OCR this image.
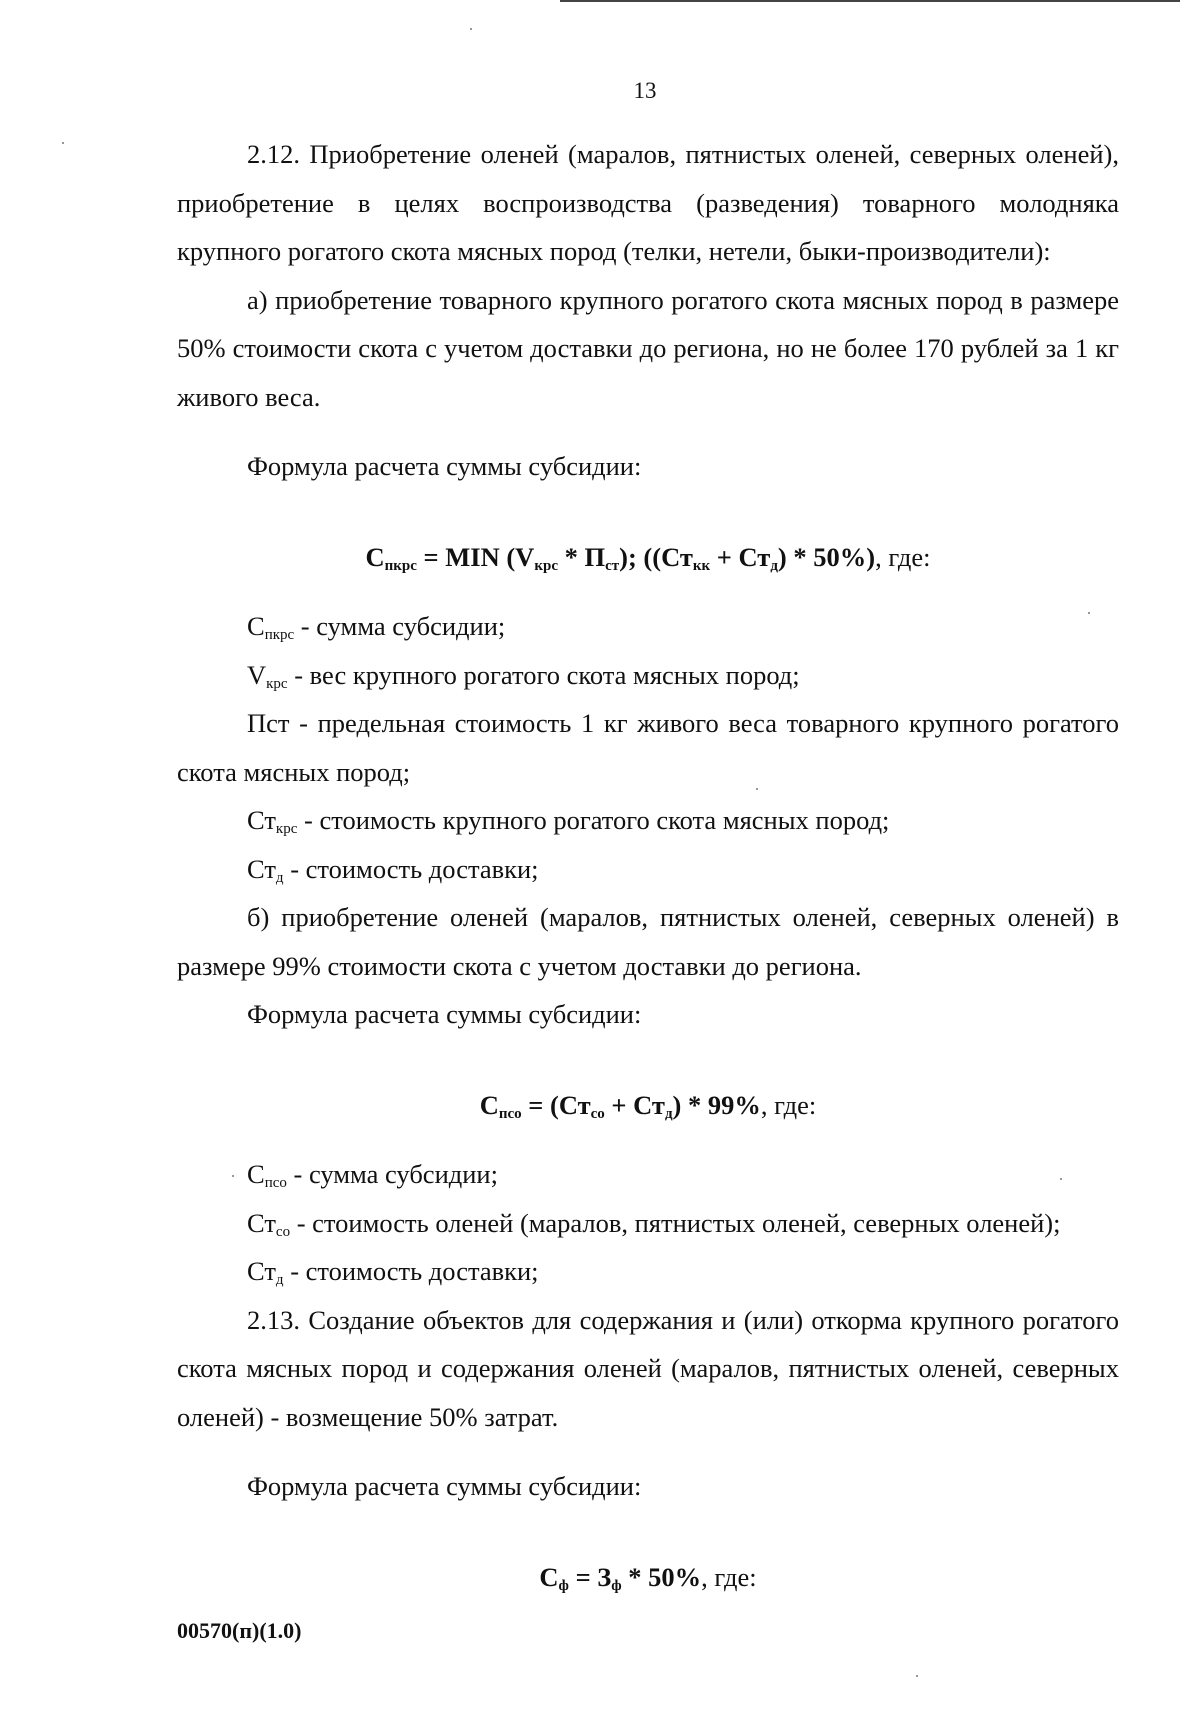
13

2.12. Приобретение оленей (маралов, пятнистых оленей, северных оленей), приобретение в целях воспроизводства (разведения) товарного молодняка крупного рогатого скота мясных пород (телки, нетели, быки-производители):

а) приобретение товарного крупного рогатого скота мясных пород в размере 50% стоимости скота с учетом доставки до региона, но не более 170 рублей за 1 кг живого веса.

Формула расчета суммы субсидии:

$С_{пкрс}$ = MIN $(V_{крс} * П_{ст})$; $((Ст_{кк} + Ст_д) * 50\%)$, где:

$С_{пкрс}$ - сумма субсидии;

$V_{крс}$ - вес крупного рогатого скота мясных пород;

Пст - предельная стоимость 1 кг живого веса товарного крупного рогатого скота мясных пород;

$Ст_{крс}$ - стоимость крупного рогатого скота мясных пород;

$Ст_д$ - стоимость доставки;

б) приобретение оленей (маралов, пятнистых оленей, северных оленей) в размере 99% стоимости скота с учетом доставки до региона.

Формула расчета суммы субсидии:

$С_{псо} = (Ст_{со} + Ст_д) * 99\%$, где:

$С_{псо}$ - сумма субсидии;

$Ст_{со}$ - стоимость оленей (маралов, пятнистых оленей, северных оленей);

$Ст_д$ - стоимость доставки;

2.13. Создание объектов для содержания и (или) откорма крупного рогатого скота мясных пород и содержания оленей (маралов, пятнистых оленей, северных оленей) - возмещение 50% затрат.

Формула расчета суммы субсидии:

$С_ф = З_ф * 50\%$, где:

00570(п)(1.0)
